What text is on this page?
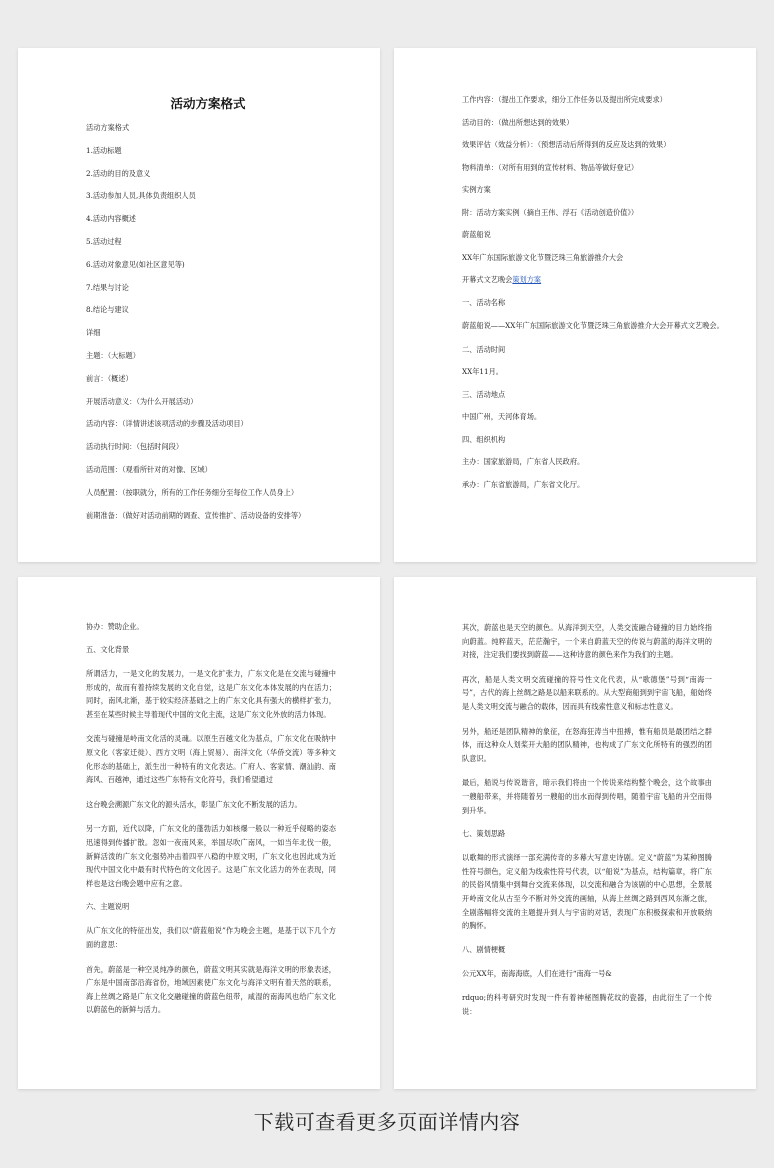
活动方案格式
活动方案格式
1.活动标题
2.活动的目的及意义
3.活动参加人员,具体负责组织人员
4.活动内容概述
5.活动过程
6.活动对象意见(如社区意见等)
7.结果与讨论
8.结论与建议
详细
主题：（大标题）
前言：（概述）
开展活动意义：（为什么开展活动）
活动内容：（详情讲述该项活动的步骤及活动项目）
活动执行时间：（包括时间段）
活动范围：（观看所针对的对像、区域）
人员配置：（按职就分，所有的工作任务细分至每位工作人员身上）
前期准备：（做好对活动前期的调查、宣传推扩、活动设备的安排等）
工作内容：（提出工作要求，细分工作任务以及提出所完成要求）
活动目的：（做出所想达到的效果）
效果评估（效益分析）：（预想活动后所得到的反应及达到的效果）
物料清单：（对所有用到的宣传材料、物品等做好登记）
实例方案
附：活动方案实例（摘自王伟、浮石《活动创造价值》）
蔚蓝船说
XX年广东国际旅游文化节暨泛珠三角旅游推介大会
开幕式文艺晚会策划方案
一、活动名称
蔚蓝船说——XX年广东国际旅游文化节暨泛珠三角旅游推介大会开幕式文艺晚会。
二、活动时间
XX年11月。
三、活动地点
中国广州，天河体育场。
四、组织机构
主办：国家旅游局，广东省人民政府。
承办：广东省旅游局，广东省文化厅。
协办：赞助企业。
五、文化背景
所谓活力，一是文化的发展力，一是文化扩张力，广东文化是在交流与碰撞中形成的，故而有着持续发展的文化自觉，这是广东文化本体发展的内在活力；同时，南风北渐，基于较实经济基础之上的广东文化具有强大的横样扩张力，甚至在某些时候主导着现代中国的文化主流，这是广东文化外放的活力体现。
交流与碰撞是岭南文化活的灵魂。以原生百越文化为基点，广东文化在吸纳中原文化（客家迁徙）、西方文明（海上贸易）、南洋文化（华侨交流）等多种文化形态的基础上，派生出一种特有的文化表达。广府人、客家情、潮汕韵、南海风、百越神，通过这些广东特有文化符号，我们希望通过
这台晚会溯源广东文化的源头活水，彰显广东文化不断发展的活力。
另一方面，近代以降，广东文化的蓬勃活力如核爆一般以一种近乎侵略的姿态迅速得到传播扩散。忽如一夜南风来，举国尽吹广南风，一如当年北伐一般，新鲜活泼的广东文化强势冲击着四平八稳的中原文明，广东文化也因此成为近现代中国文化中最有时代特色的文化因子。这是广东文化活力的外在表现，同样也是这台晚会题中应有之意。
六、主题说明
从广东文化的特征出发，我们以“蔚蓝船说”作为晚会主题，是基于以下几个方面的意思：
首先，蔚蓝是一种空灵纯净的颜色，蔚蓝文明其实就是海洋文明的形象表述，广东是中国南部沿海省份，地域因素使广东文化与海洋文明有着天然的联系，海上丝绸之路是广东文化交融碰撞的蔚蓝色纽带，咸湿的南海风也给广东文化以蔚蓝色的新鲜与活力。
其次，蔚蓝也是天空的颜色。从海洋到天空，人类交流融合碰撞的目力始终指向蔚蓝。纯粹蓝天，茫茫瀚宇，一个来自蔚蓝天空的传说与蔚蓝的海洋文明的对接，注定我们要找到蔚蓝——这种诗意的颜色来作为我们的主题。
再次，船是人类文明交流碰撞的符号性文化代表，从“歌德堡”号到“南海一号”，古代的海上丝绸之路是以船来联系的。从大型商船到到宇宙飞船，船始终是人类文明交流与融合的载体，因而具有线索性意义和标志性意义。
另外，船还是团队精神的象征，在怒海狂涛当中扭搏，惟有船员是最团结之群体，而这种众人划桨开大船的团队精神，也构成了广东文化所特有的强烈的团队意识。
最后，船说与传说谐音，暗示我们将由一个传说来结构整个晚会，这个故事由一艘船带来，并将随着另一艘船的出水而得到传唱，随着宇宙飞船的升空而得到升华。
七、策划思路
以歌舞的形式演绎一部充满传奇的多幕大写意史诗剧。定义“蔚蓝”为某种图腾性符号颜色，定义船为线索性符号代表，以“船说”为基点，结构篇章，将广东的民俗风情集中到舞台交流来体现，以交流和融合为该剧的中心思想，全景展开岭南文化从古至今不断对外交流的画轴，从海上丝绸之路到西风东渐之旅，全剧落幅将交流的主题提升到人与宇宙的对话，表现广东积极探索和开放吸纳的胸怀。
八、剧情梗概
公元XX年，南海海底，人们在进行“南海一号&
rdquo;的科考研究时发现一件有着神秘图腾花纹的瓷器，由此衍生了一个传说：
下载可查看更多页面详情内容
